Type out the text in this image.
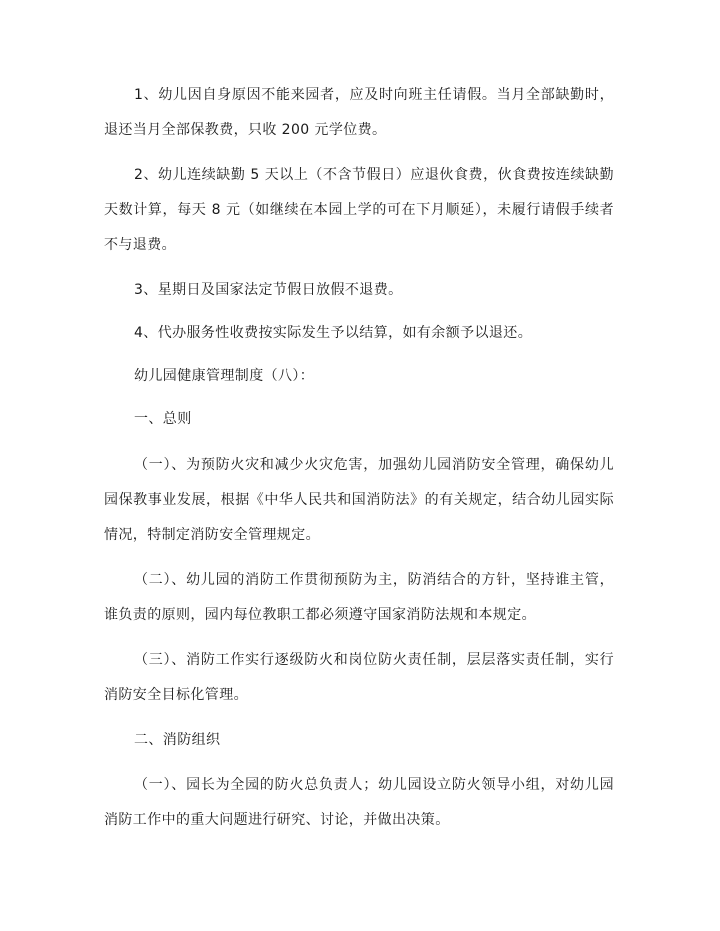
1、幼儿因自身原因不能来园者，应及时向班主任请假。当月全部缺勤时，退还当月全部保教费，只收 200 元学位费。

2、幼儿连续缺勤 5 天以上（不含节假日）应退伙食费，伙食费按连续缺勤天数计算，每天 8 元（如继续在本园上学的可在下月顺延），未履行请假手续者不与退费。

3、星期日及国家法定节假日放假不退费。

4、代办服务性收费按实际发生予以结算，如有余额予以退还。

幼儿园健康管理制度（八）：

一、总则

（一）、为预防火灾和减少火灾危害，加强幼儿园消防安全管理，确保幼儿园保教事业发展，根据《中华人民共和国消防法》的有关规定，结合幼儿园实际情况，特制定消防安全管理规定。

（二）、幼儿园的消防工作贯彻预防为主，防消结合的方针，坚持谁主管，谁负责的原则，园内每位教职工都必须遵守国家消防法规和本规定。

（三）、消防工作实行逐级防火和岗位防火责任制，层层落实责任制，实行消防安全目标化管理。

二、消防组织

（一）、园长为全园的防火总负责人；幼儿园设立防火领导小组，对幼儿园消防工作中的重大问题进行研究、讨论，并做出决策。
